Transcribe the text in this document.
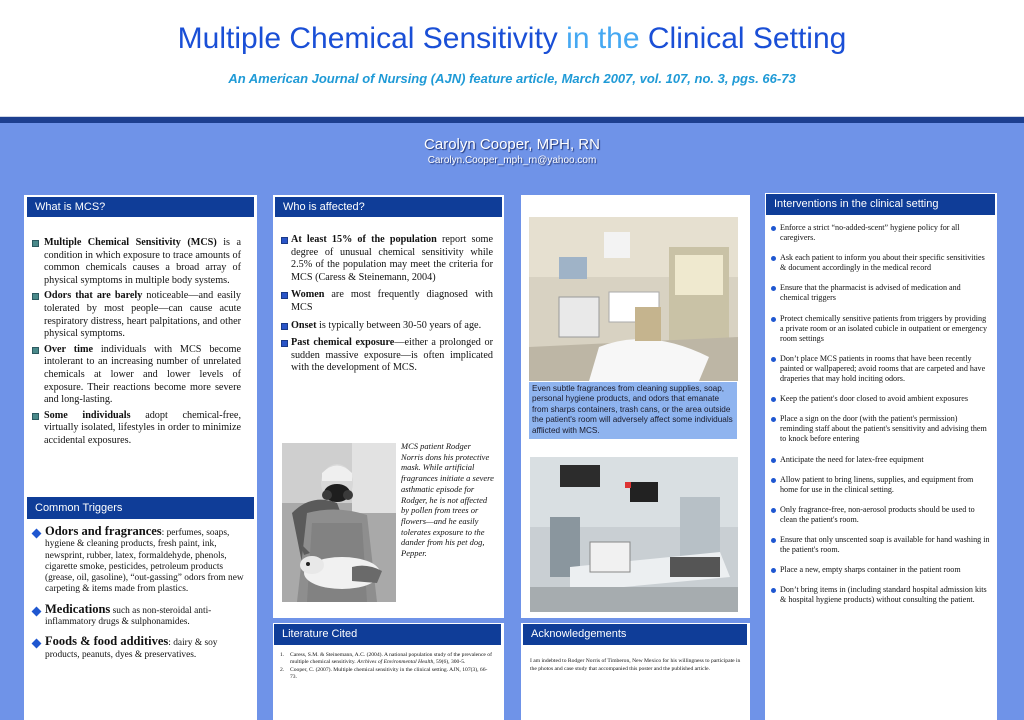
Multiple Chemical Sensitivity in the Clinical Setting
An American Journal of Nursing (AJN) feature article, March 2007, vol. 107, no. 3, pgs. 66-73
Carolyn Cooper, MPH, RN
Carolyn.Cooper_mph_rn@yahoo.com
What is MCS?
Multiple Chemical Sensitivity (MCS) is a condition in which exposure to trace amounts of common chemicals causes a broad array of physical symptoms in multiple body systems.
Odors that are barely noticeable—and easily tolerated by most people—can cause acute respiratory distress, heart palpitations, and other physical symptoms.
Over time individuals with MCS become intolerant to an increasing number of unrelated chemicals at lower and lower levels of exposure. Their reactions become more severe and long-lasting.
Some individuals adopt chemical-free, virtually isolated, lifestyles in order to minimize accidental exposures.
Common Triggers
Odors and fragrances: perfumes, soaps, hygiene & cleaning products, fresh paint, ink, newsprint, rubber, latex, formaldehyde, phenols, cigarette smoke, pesticides, petroleum products (grease, oil, gasoline), “out-gassing” odors from new carpeting & items made from plastics.
Medications such as non-steroidal anti-inflammatory drugs & sulphonamides.
Foods & food additives: dairy & soy products, peanuts, dyes & preservatives.
Who is affected?
At least 15% of the population report some degree of unusual chemical sensitivity while 2.5% of the population may meet the criteria for MCS (Caress & Steinemann, 2004)
Women are most frequently diagnosed with MCS
Onset is typically between 30-50 years of age.
Past chemical exposure—either a prolonged or sudden massive exposure—is often implicated with the development of MCS.
MCS patient Rodger Norris dons his protective mask. While artificial fragrances initiate a severe asthmatic episode for Rodger, he is not affected by pollen from trees or flowers—and he easily tolerates exposure to the dander from his pet dog, Pepper.
Even subtle fragrances from cleaning supplies, soap, personal hygiene products, and odors that emanate from sharps containers, trash cans, or the area outside the patient's room will adversely affect some individuals afflicted with MCS.
Literature Cited
1. Caress, S.M. & Steinemann, A.C. (2004). A national population study of the prevalence of multiple chemical sensitivity. Archives of Environmental Health, 59(6), 300-5.
2. Cooper, C. (2007). Multiple chemical sensitivity in the clinical setting. AJN, 107(3), 66-73.
Acknowledgements
I am indebted to Rodger Norris of Timberon, New Mexico for his willingness to participate in the photos and case study that accompanied this poster and the published article.
Interventions in the clinical setting
Enforce a strict “no-added-scent” hygiene policy for all caregivers.
Ask each patient to inform you about their specific sensitivities & document accordingly in the medical record
Ensure that the pharmacist is advised of medication and chemical triggers
Protect chemically sensitive patients from triggers by providing a private room or an isolated cubicle in outpatient or emergency room settings
Don’t place MCS patients in rooms that have been recently painted or wallpapered; avoid rooms that are carpeted and have draperies that may hold inciting odors.
Keep the patient's door closed to avoid ambient exposures
Place a sign on the door (with the patient's permission) reminding staff about the patient's sensitivity and advising them to knock before entering
Anticipate the need for latex-free equipment
Allow patient to bring linens, supplies, and equipment from home for use in the clinical setting.
Only fragrance-free, non-aerosol products should be used to clean the patient's room.
Ensure that only unscented soap is available for hand washing in the patient's room.
Place a new, empty sharps container in the patient room
Don’t bring items in (including standard hospital admission kits & hospital hygiene products) without consulting the patient.
